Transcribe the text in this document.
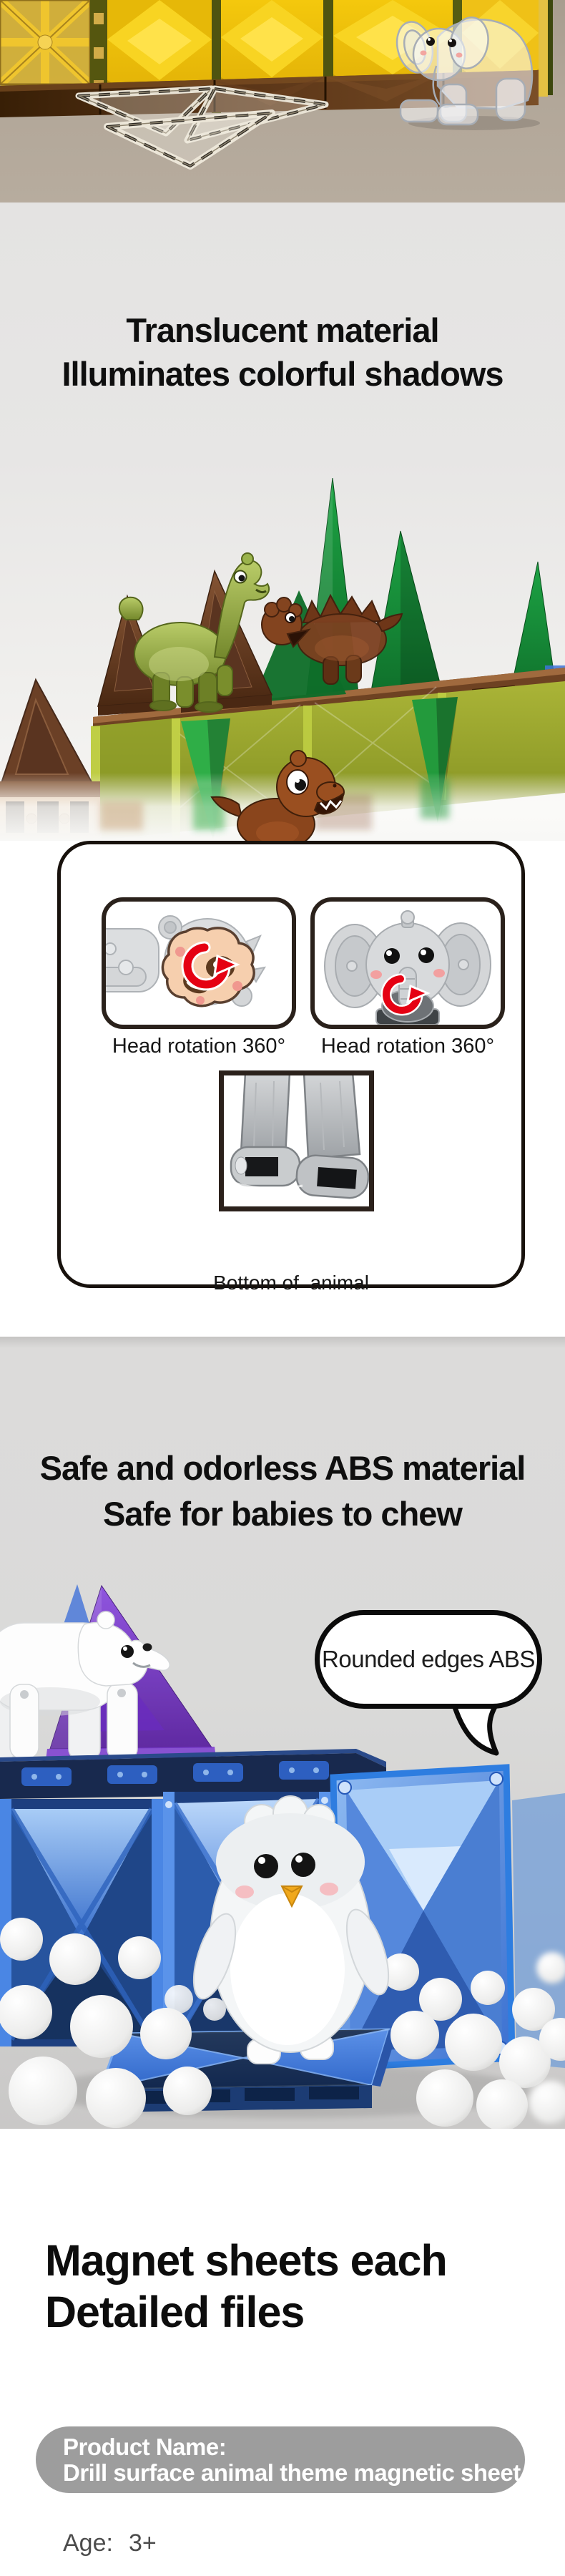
Translucent material
Illuminates colorful shadows
Head rotation 360°	Head rotation 360°

Bottom of  animal

Safe and odorless ABS material
Safe for babies to chew
Rounded edges ABS
Magnet sheets each
Detailed files
Product Name:
Drill surface animal theme magnetic sheet
Age: 3+
